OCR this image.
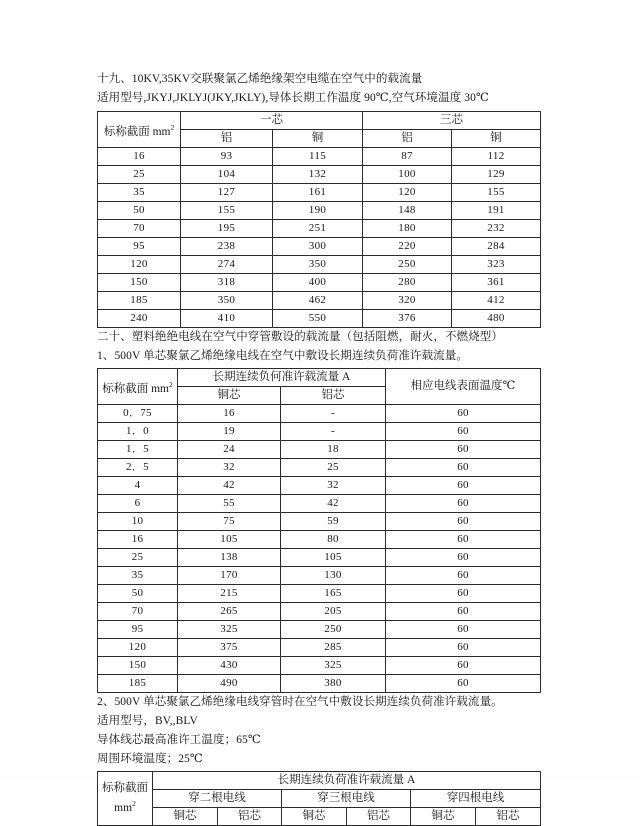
十九、10KV,35KV交联聚氯乙烯绝缘架空电缆在空气中的载流量
适用型号,JKYJ,JKLYJ(JKY,JKLY),导体长期工作温度 90℃,空气环境温度 30℃
标称截面 $mm^2$	一芯		三芯	
	铝	铜	铝	铜
16	93	115	87	112
25	104	132	100	129
35	127	161	120	155
50	155	190	148	191
70	195	251	180	232
95	238	300	220	284
120	274	350	250	323
150	318	400	280	361
185	350	462	320	412
240	410	550	376	480
二十、塑料绝绝电线在空气中穿管敷设的载流量（包括阻燃，耐火，不燃烧型）
1、500V 单芯聚氯乙烯绝缘电线在空气中敷设长期连续负荷准许载流量。
标称截面 $mm^2$	长期连续负何准许载流量 A		相应电线表面温度℃
	铜芯	铝芯	
0．75	16	-	60
1．0	19	-	60
1．5	24	18	60
2．5	32	25	60
4	42	32	60
6	55	42	60
10	75	59	60
16	105	80	60
25	138	105	60
35	170	130	60
50	215	165	60
70	265	205	60
95	325	250	60
120	375	285	60
150	430	325	60
185	490	380	60
2、500V 单芯聚氯乙烯绝缘电线穿管时在空气中敷设长期连续负荷准许载流量。
适用型号，BV,,BLV
导体线芯最高准许工温度；65℃
周围环境温度；25℃
标称截面
$mm^2$	长期连续负荷准许载流量 A					
	穿二根电线		穿三根电线		穿四根电线	
	铜芯	铝芯	铜芯	铝芯	铜芯	铝芯
